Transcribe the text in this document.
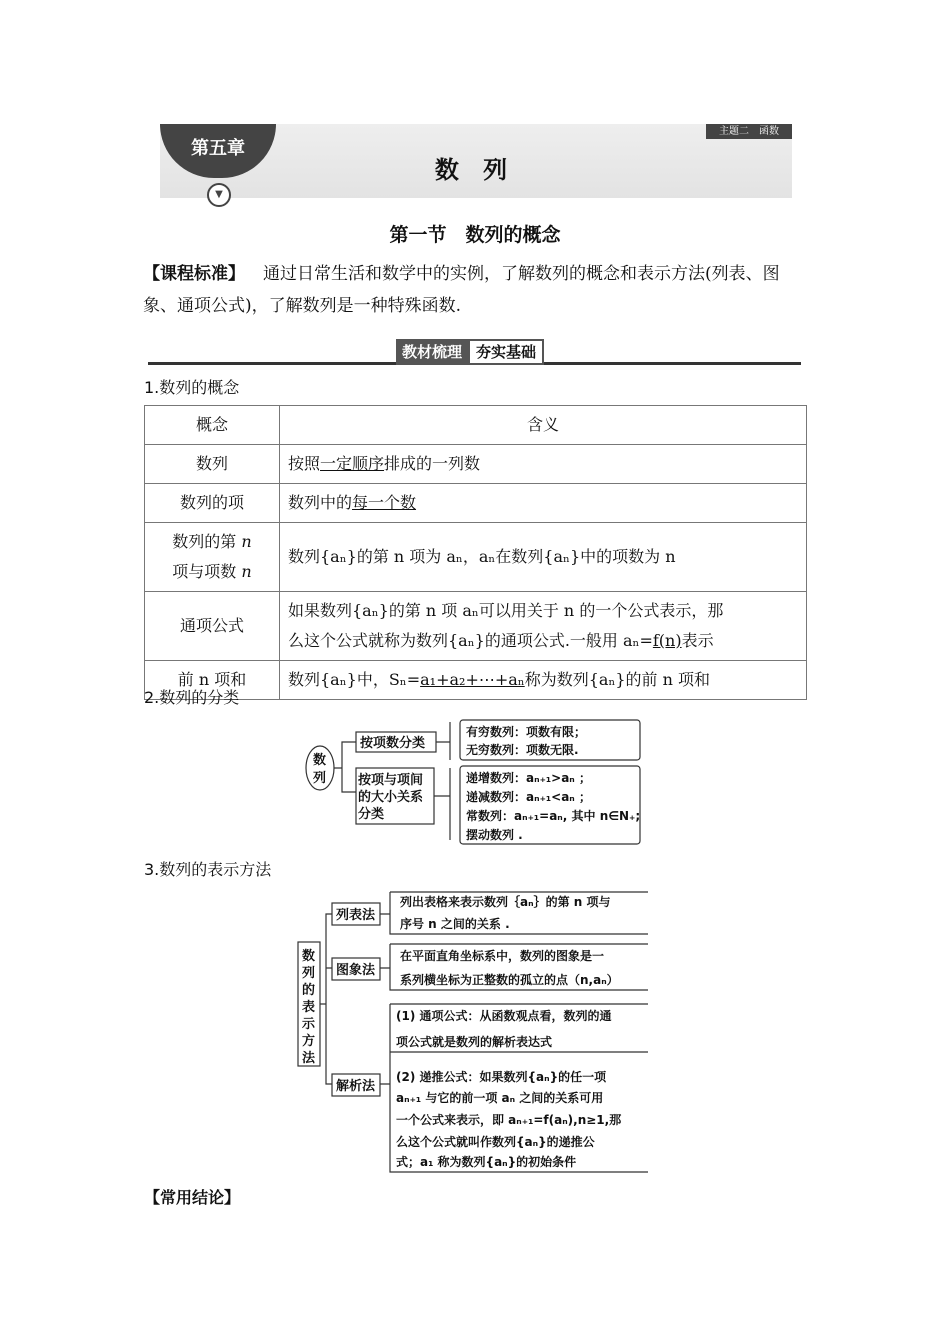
第五章
▼
主题二　函数
数 列
第一节　数列的概念
【课程标准】 通过日常生活和数学中的实例，了解数列的概念和表示方法(列表、图象、通项公式)，了解数列是一种特殊函数.
教材梳理 夯实基础
1.数列的概念
概念	含义
数列	按照一定顺序排成的一列数
数列的项	数列中的每一个数
数列的第 n
项与项数 n	数列{aₙ}的第 n 项为 aₙ，aₙ在数列{aₙ}中的项数为 n
通项公式	如果数列{aₙ}的第 n 项 aₙ可以用关于 n 的一个公式表示，那
么这个公式就称为数列{aₙ}的通项公式.一般用 aₙ=f(n)表示
前 n 项和	数列{aₙ}中，Sₙ=a₁+a₂+⋯+aₙ称为数列{aₙ}的前 n 项和
2.数列的分类
数
列
按项数分类
按项与项间
的大小关系
分类
有穷数列：项数有限；
无穷数列：项数无限.
递增数列：aₙ₊₁>aₙ ；
递减数列：aₙ₊₁<aₙ ；
常数列：aₙ₊₁=aₙ, 其中 n∈N₊;
摆动数列 .
3.数列的表示方法
数
列
的
表
示
方
法
列表法
图象法
解析法
列出表格来表示数列｛aₙ｝的第 n 项与
序号 n 之间的关系 .
在平面直角坐标系中，数列的图象是一
系列横坐标为正整数的孤立的点（n,aₙ）
(1) 通项公式：从函数观点看，数列的通
项公式就是数列的解析表达式
(2) 递推公式：如果数列{aₙ}的任一项
aₙ₊₁ 与它的前一项 aₙ 之间的关系可用
一个公式来表示，即 aₙ₊₁=f(aₙ),n≥1,那
么这个公式就叫作数列{aₙ}的递推公
式；a₁ 称为数列{aₙ}的初始条件
【常用结论】
